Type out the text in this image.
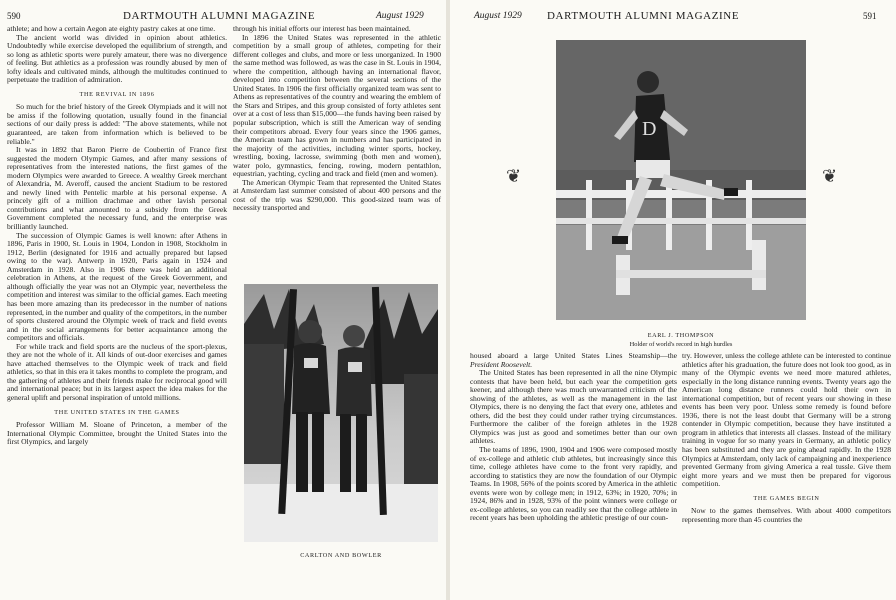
590	DARTMOUTH ALUMNI MAGAZINE	August 1929

athlete; and how a certain Aegon ate eighty pastry cakes at one time.

The ancient world was divided in opinion about athletics. Undoubtedly while exercise developed the equilibrium of strength, and so long as athletic sports were purely amateur, there was no divergence of feeling. But athletics as a profession was roundly abused by men of lofty ideals and cultivated minds, although the multitudes continued to perpetuate the tradition of admiration.

THE REVIVAL IN 1896

So much for the brief history of the Greek Olympiads and it will not be amiss if the following quotation, usually found in the financial sections of our daily press is added: "The above statements, while not guaranteed, are taken from information which is believed to be reliable."

It was in 1892 that Baron Pierre de Coubertin of France first suggested the modern Olympic Games, and after many sessions of representatives from the interested nations, the first games of the modern Olympics were awarded to Greece. A wealthy Greek merchant of Alexandria, M. Averoff, caused the ancient Stadium to be restored and newly lined with Pentelic marble at his personal expense. A princely gift of a million drachmae and other lavish personal contributions and what amounted to a subsidy from the Greek Government completed the necessary fund, and the enterprise was brilliantly launched.

The succession of Olympic Games is well known: after Athens in 1896, Paris in 1900, St. Louis in 1904, London in 1908, Stockholm in 1912, Berlin (designated for 1916 and actually prepared but lapsed owing to the war). Antwerp in 1920, Paris again in 1924 and Amsterdam in 1928. Also in 1906 there was held an additional celebration in Athens, at the request of the Greek Government, and although officially the year was not an Olympic year, nevertheless the competition and interest was similar to the official games. Each meeting has been more amazing than its predecessor in the number of nations represented, in the number and quality of the competitors, in the number of sports clustered around the Olympic week of track and field events and in the social arrangements for better acquaintance among the competitors and officials.

For while track and field sports are the nucleus of the sport-plexus, they are not the whole of it. All kinds of out-door exercises and games have attached themselves to the Olympic week of track and field athletics, so that in this era it takes months to complete the program, and the gathering of athletes and their friends make for reciprocal good will and international peace; but in its largest aspect the idea makes for the general uplift and personal inspiration of untold millions.

THE UNITED STATES IN THE GAMES

Professor William M. Sloane of Princeton, a member of the International Olympic Committee, brought the United States into the first Olympics, and largely

through his initial efforts our interest has been maintained.

In 1896 the United States was represented in the athletic competition by a small group of athletes, competing for their different colleges and clubs, and more or less unorganized. In 1900 the same method was followed, as was the case in St. Louis in 1904, where the competition, although having an international flavor, developed into competition between the several sections of the United States. In 1906 the first officially organized team was sent to Athens as representatives of the country and wearing the emblem of the Stars and Stripes, and this group consisted of forty athletes sent over at a cost of less than $15,000—the funds having been raised by popular subscription, which is still the American way of sending their competitors abroad. Every four years since the 1906 games, the American team has grown in numbers and has participated in the majority of the activities, including winter sports, hockey, wrestling, boxing, lacrosse, swimming (both men and women), water polo, gymnastics, fencing, rowing, modern pentathlon, equestrian, yachting, cycling and track and field (men and women).

The American Olympic Team that represented the United States at Amsterdam last summer consisted of about 400 persons and the cost of the trip was $290,000. This good-sized team was of necessity transported and

CARLTON AND BOWLER
August 1929 DARTMOUTH ALUMNI MAGAZINE	591
❦	❦
D
EARL J. THOMPSON
Holder of world's record in high hurdles

housed aboard a large United States Lines Steamship—the President Roosevelt.

The United States has been represented in all the nine Olympic contests that have been held, but each year the competition gets keener, and although there was much unwarranted criticism of the showing of the athletes, as well as the management in the last Olympics, there is no denying the fact that every one, athletes and others, did the best they could under rather trying circumstances. Furthermore the caliber of the foreign athletes in the 1928 Olympics was just as good and sometimes better than our own athletes.

The teams of 1896, 1900, 1904 and 1906 were composed mostly of ex-college and athletic club athletes, but increasingly since this time, college athletes have come to the front very rapidly, and according to statistics they are now the foundation of our Olympic Teams. In 1908, 56% of the points scored by America in the athletic events were won by college men; in 1912, 63%; in 1920, 70%; in 1924, 86% and in 1928, 93% of the point winners were college or ex-college athletes, so you can readily see that the college athlete in recent years has been upholding the athletic prestige of our coun-

try. However, unless the college athlete can be interested to continue athletics after his graduation, the future does not look too good, as in many of the Olympic events we need more matured athletes, especially in the long distance running events. Twenty years ago the American long distance runners could hold their own in international competition, but of recent years our showing in these events has been very poor. Unless some remedy is found before 1936, there is not the least doubt that Germany will be a strong contender in Olympic competition, because they have instituted a program in athletics that interests all classes. Instead of the military training in vogue for so many years in Germany, an athletic policy has been substituted and they are going ahead rapidly. In the 1928 Olympics at Amsterdam, only lack of campaigning and inexperience prevented Germany from giving America a real tussle. Give them eight more years and we must then be prepared for vigorous competition.

THE GAMES BEGIN

Now to the games themselves. With about 4000 competitors representing more than 45 countries the
